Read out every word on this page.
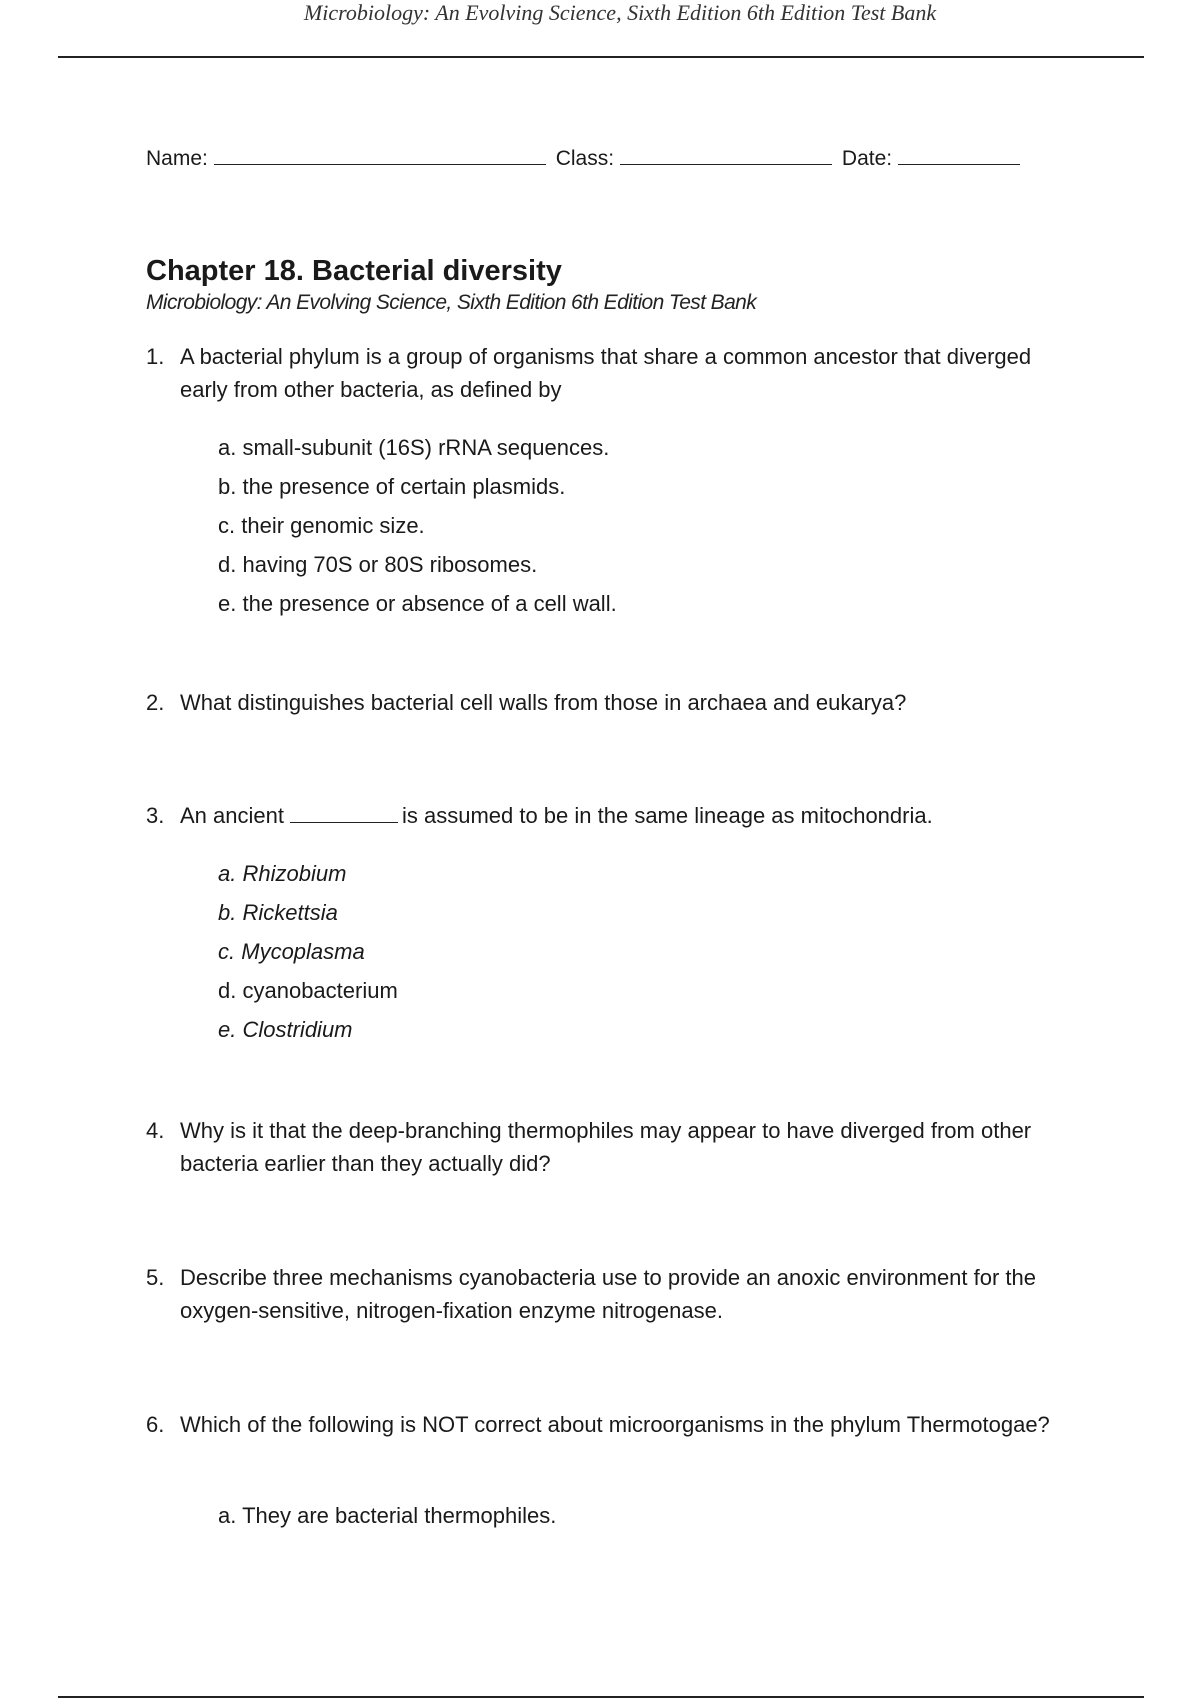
Microbiology: An Evolving Science, Sixth Edition 6th Edition Test Bank
Name:	Class:	Date:
Chapter 18. Bacterial diversity
Microbiology: An Evolving Science, Sixth Edition 6th Edition Test Bank
1. A bacterial phylum is a group of organisms that share a common ancestor that diverged early from other bacteria, as defined by
a. small-subunit (16S) rRNA sequences.
b. the presence of certain plasmids.
c. their genomic size.
d. having 70S or 80S ribosomes.
e. the presence or absence of a cell wall.
2. What distinguishes bacterial cell walls from those in archaea and eukarya?
3. An ancient	is assumed to be in the same lineage as mitochondria.
a. Rhizobium
b. Rickettsia
c. Mycoplasma
d. cyanobacterium
e. Clostridium
4. Why is it that the deep-branching thermophiles may appear to have diverged from other bacteria earlier than they actually did?
5. Describe three mechanisms cyanobacteria use to provide an anoxic environment for the oxygen-sensitive, nitrogen-fixation enzyme nitrogenase.
6. Which of the following is NOT correct about microorganisms in the phylum Thermotogae?
a. They are bacterial thermophiles.
